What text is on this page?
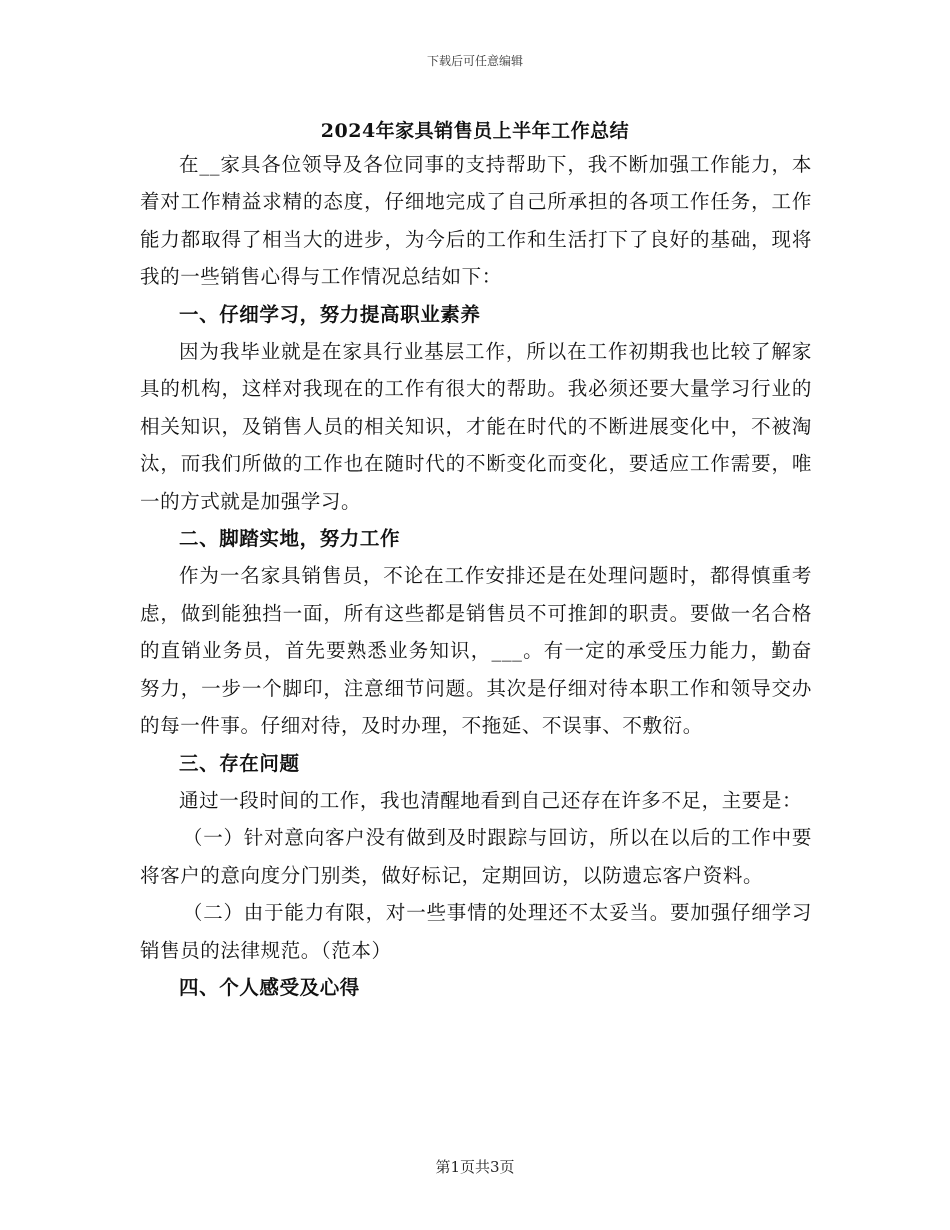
下载后可任意编辑
2024年家具销售员上半年工作总结

在__家具各位领导及各位同事的支持帮助下，我不断加强工作能力，本着对工作精益求精的态度，仔细地完成了自己所承担的各项工作任务，工作能力都取得了相当大的进步，为今后的工作和生活打下了良好的基础，现将我的一些销售心得与工作情况总结如下：

一、仔细学习，努力提高职业素养

因为我毕业就是在家具行业基层工作，所以在工作初期我也比较了解家具的机构，这样对我现在的工作有很大的帮助。我必须还要大量学习行业的相关知识，及销售人员的相关知识，才能在时代的不断进展变化中，不被淘汰，而我们所做的工作也在随时代的不断变化而变化，要适应工作需要，唯一的方式就是加强学习。

二、脚踏实地，努力工作

作为一名家具销售员，不论在工作安排还是在处理问题时，都得慎重考虑，做到能独挡一面，所有这些都是销售员不可推卸的职责。要做一名合格的直销业务员，首先要熟悉业务知识，___。有一定的承受压力能力，勤奋努力，一步一个脚印，注意细节问题。其次是仔细对待本职工作和领导交办的每一件事。仔细对待，及时办理，不拖延、不误事、不敷衍。

三、存在问题

通过一段时间的工作，我也清醒地看到自己还存在许多不足，主要是：

（一）针对意向客户没有做到及时跟踪与回访，所以在以后的工作中要将客户的意向度分门别类，做好标记，定期回访，以防遗忘客户资料。

（二）由于能力有限，对一些事情的处理还不太妥当。要加强仔细学习销售员的法律规范。（范本）

四、个人感受及心得

第1页共3页
